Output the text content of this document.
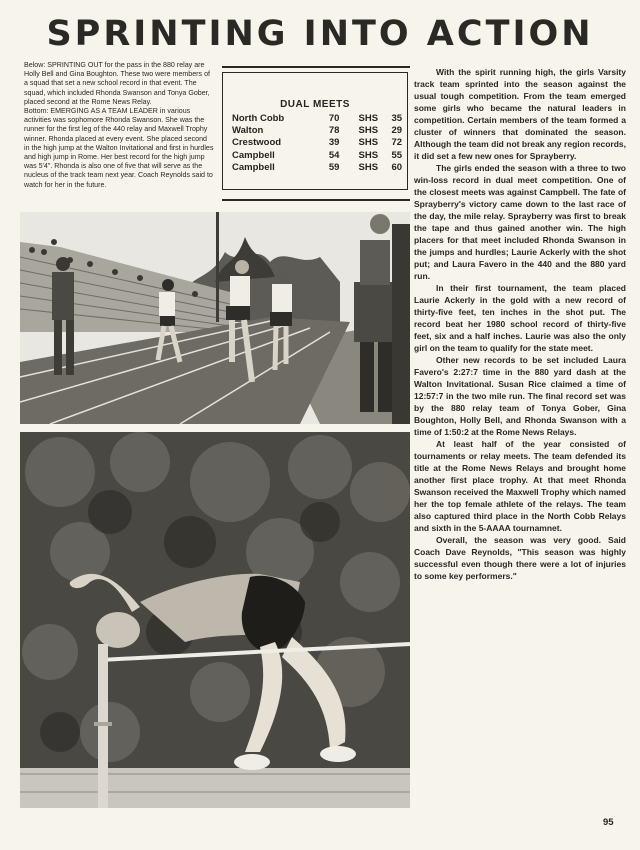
SPRINTING INTO ACTION

Below: SPRINTING OUT for the pass in the 880 relay are Holly Bell and Gina Boughton. These two were members of a squad that set a new school record in that event. The squad, which included Rhonda Swanson and Tonya Gober, placed second at the Rome News Relay.

Bottom: EMERGING AS A TEAM LEADER in various activities was sophomore Rhonda Swanson. She was the runner for the first leg of the 440 relay and Maxwell Trophy winner. Rhonda placed at every event. She placed second in the high jump at the Walton Invitational and first in hurdles and high jump in Rome. Her best record for the high jump was 5'4". Rhonda is also one of five that will serve as the nucleus of the track team next year. Coach Reynolds said to watch for her in the future.

DUAL MEETS
North Cobb	70	SHS	35
Walton	78	SHS	29
Crestwood	39	SHS	72
Campbell	54	SHS	55
Campbell	59	SHS	60

With the spirit running high, the girls Varsity track team sprinted into the season against the usual tough competition. From the team emerged some girls who became the natural leaders in competition. Certain members of the team formed a cluster of winners that dominated the season. Although the team did not break any region records, it did set a few new ones for Sprayberry.

The girls ended the season with a three to two win-loss record in dual meet competition. One of the closest meets was against Campbell. The fate of Sprayberry's victory came down to the last race of the day, the mile relay. Sprayberry was first to break the tape and thus gained another win. The high placers for that meet included Rhonda Swanson in the jumps and hurdles; Laurie Ackerly with the shot put; and Laura Favero in the 440 and the 880 yard run.

In their first tournament, the team placed Laurie Ackerly in the gold with a new record of thirty-five feet, ten inches in the shot put. The record beat her 1980 school record of thirty-five feet, six and a half inches. Laurie was also the only girl on the team to qualify for the state meet.

Other new records to be set included Laura Favero's 2:27:7 time in the 880 yard dash at the Walton Invitational. Susan Rice claimed a time of 12:57:7 in the two mile run. The final record set was by the 880 relay team of Tonya Gober, Gina Boughton, Holly Bell, and Rhonda Swanson with a time of 1:50:2 at the Rome News Relays.

At least half of the year consisted of tournaments or relay meets. The team defended its title at the Rome News Relays and brought home another first place trophy. At that meet Rhonda Swanson received the Maxwell Trophy which named her the top female athlete of the relays. The team also captured third place in the North Cobb Relays and sixth in the 5-AAAA tournamnet.

Overall, the season was very good. Said Coach Dave Reynolds, "This season was highly successful even though there were a lot of injuries to some key performers."

95
